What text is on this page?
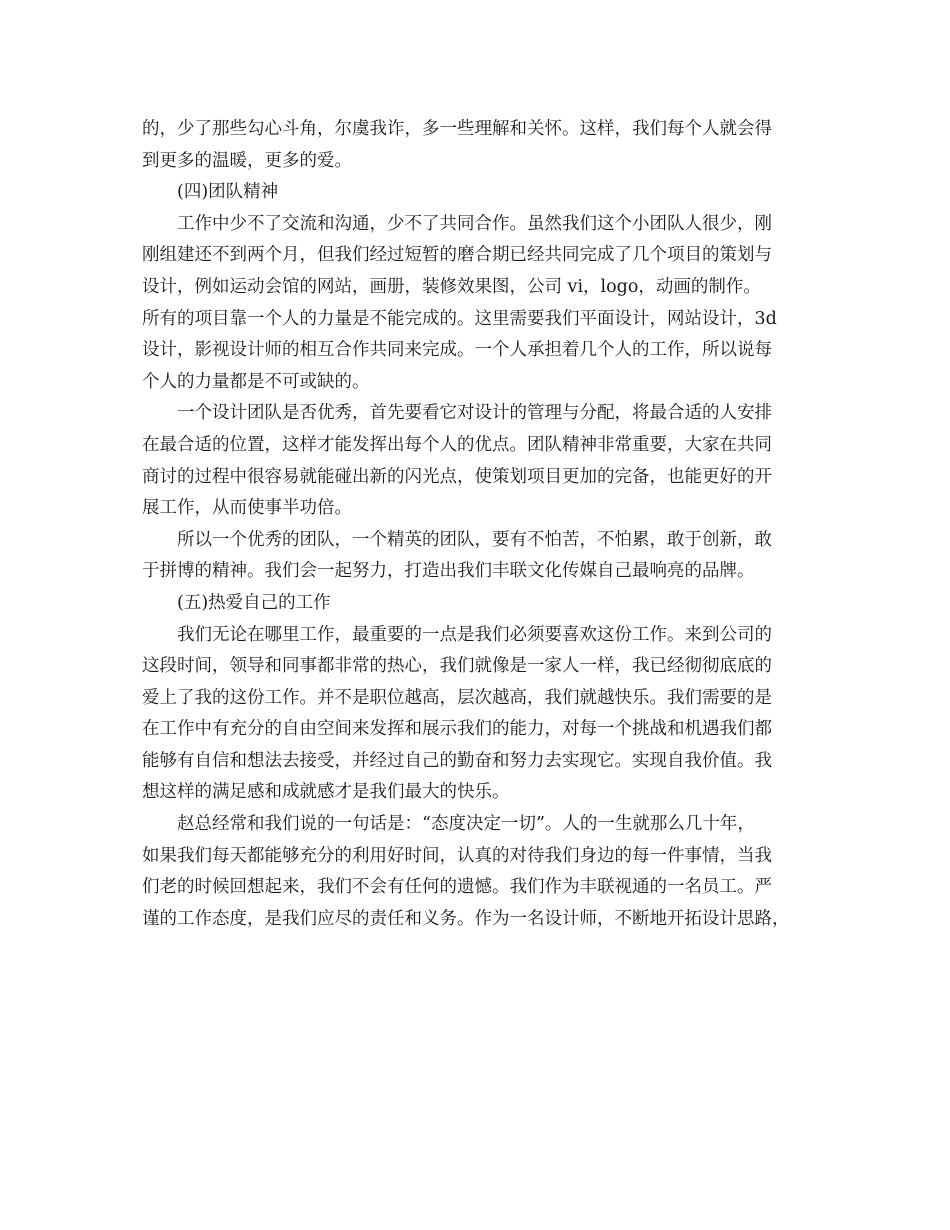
的，少了那些勾心斗角，尔虞我诈，多一些理解和关怀。这样，我们每个人就会得
到更多的温暖，更多的爱。

(四)团队精神

工作中少不了交流和沟通，少不了共同合作。虽然我们这个小团队人很少，刚
刚组建还不到两个月，但我们经过短暂的磨合期已经共同完成了几个项目的策划与
设计，例如运动会馆的网站，画册，装修效果图，公司 vi，logo，动画的制作。
所有的项目靠一个人的力量是不能完成的。这里需要我们平面设计，网站设计，3d
设计，影视设计师的相互合作共同来完成。一个人承担着几个人的工作，所以说每
个人的力量都是不可或缺的。

一个设计团队是否优秀，首先要看它对设计的管理与分配，将最合适的人安排
在最合适的位置，这样才能发挥出每个人的优点。团队精神非常重要，大家在共同
商讨的过程中很容易就能碰出新的闪光点，使策划项目更加的完备，也能更好的开
展工作，从而使事半功倍。

所以一个优秀的团队，一个精英的团队，要有不怕苦，不怕累，敢于创新，敢
于拼博的精神。我们会一起努力，打造出我们丰联文化传媒自己最响亮的品牌。

(五)热爱自己的工作

我们无论在哪里工作，最重要的一点是我们必须要喜欢这份工作。来到公司的
这段时间，领导和同事都非常的热心，我们就像是一家人一样，我已经彻彻底底的
爱上了我的这份工作。并不是职位越高，层次越高，我们就越快乐。我们需要的是
在工作中有充分的自由空间来发挥和展示我们的能力，对每一个挑战和机遇我们都
能够有自信和想法去接受，并经过自己的勤奋和努力去实现它。实现自我价值。我
想这样的满足感和成就感才是我们最大的快乐。

赵总经常和我们说的一句话是：“态度决定一切”。人的一生就那么几十年，
如果我们每天都能够充分的利用好时间，认真的对待我们身边的每一件事情，当我
们老的时候回想起来，我们不会有任何的遗憾。我们作为丰联视通的一名员工。严
谨的工作态度，是我们应尽的责任和义务。作为一名设计师，不断地开拓设计思路，
